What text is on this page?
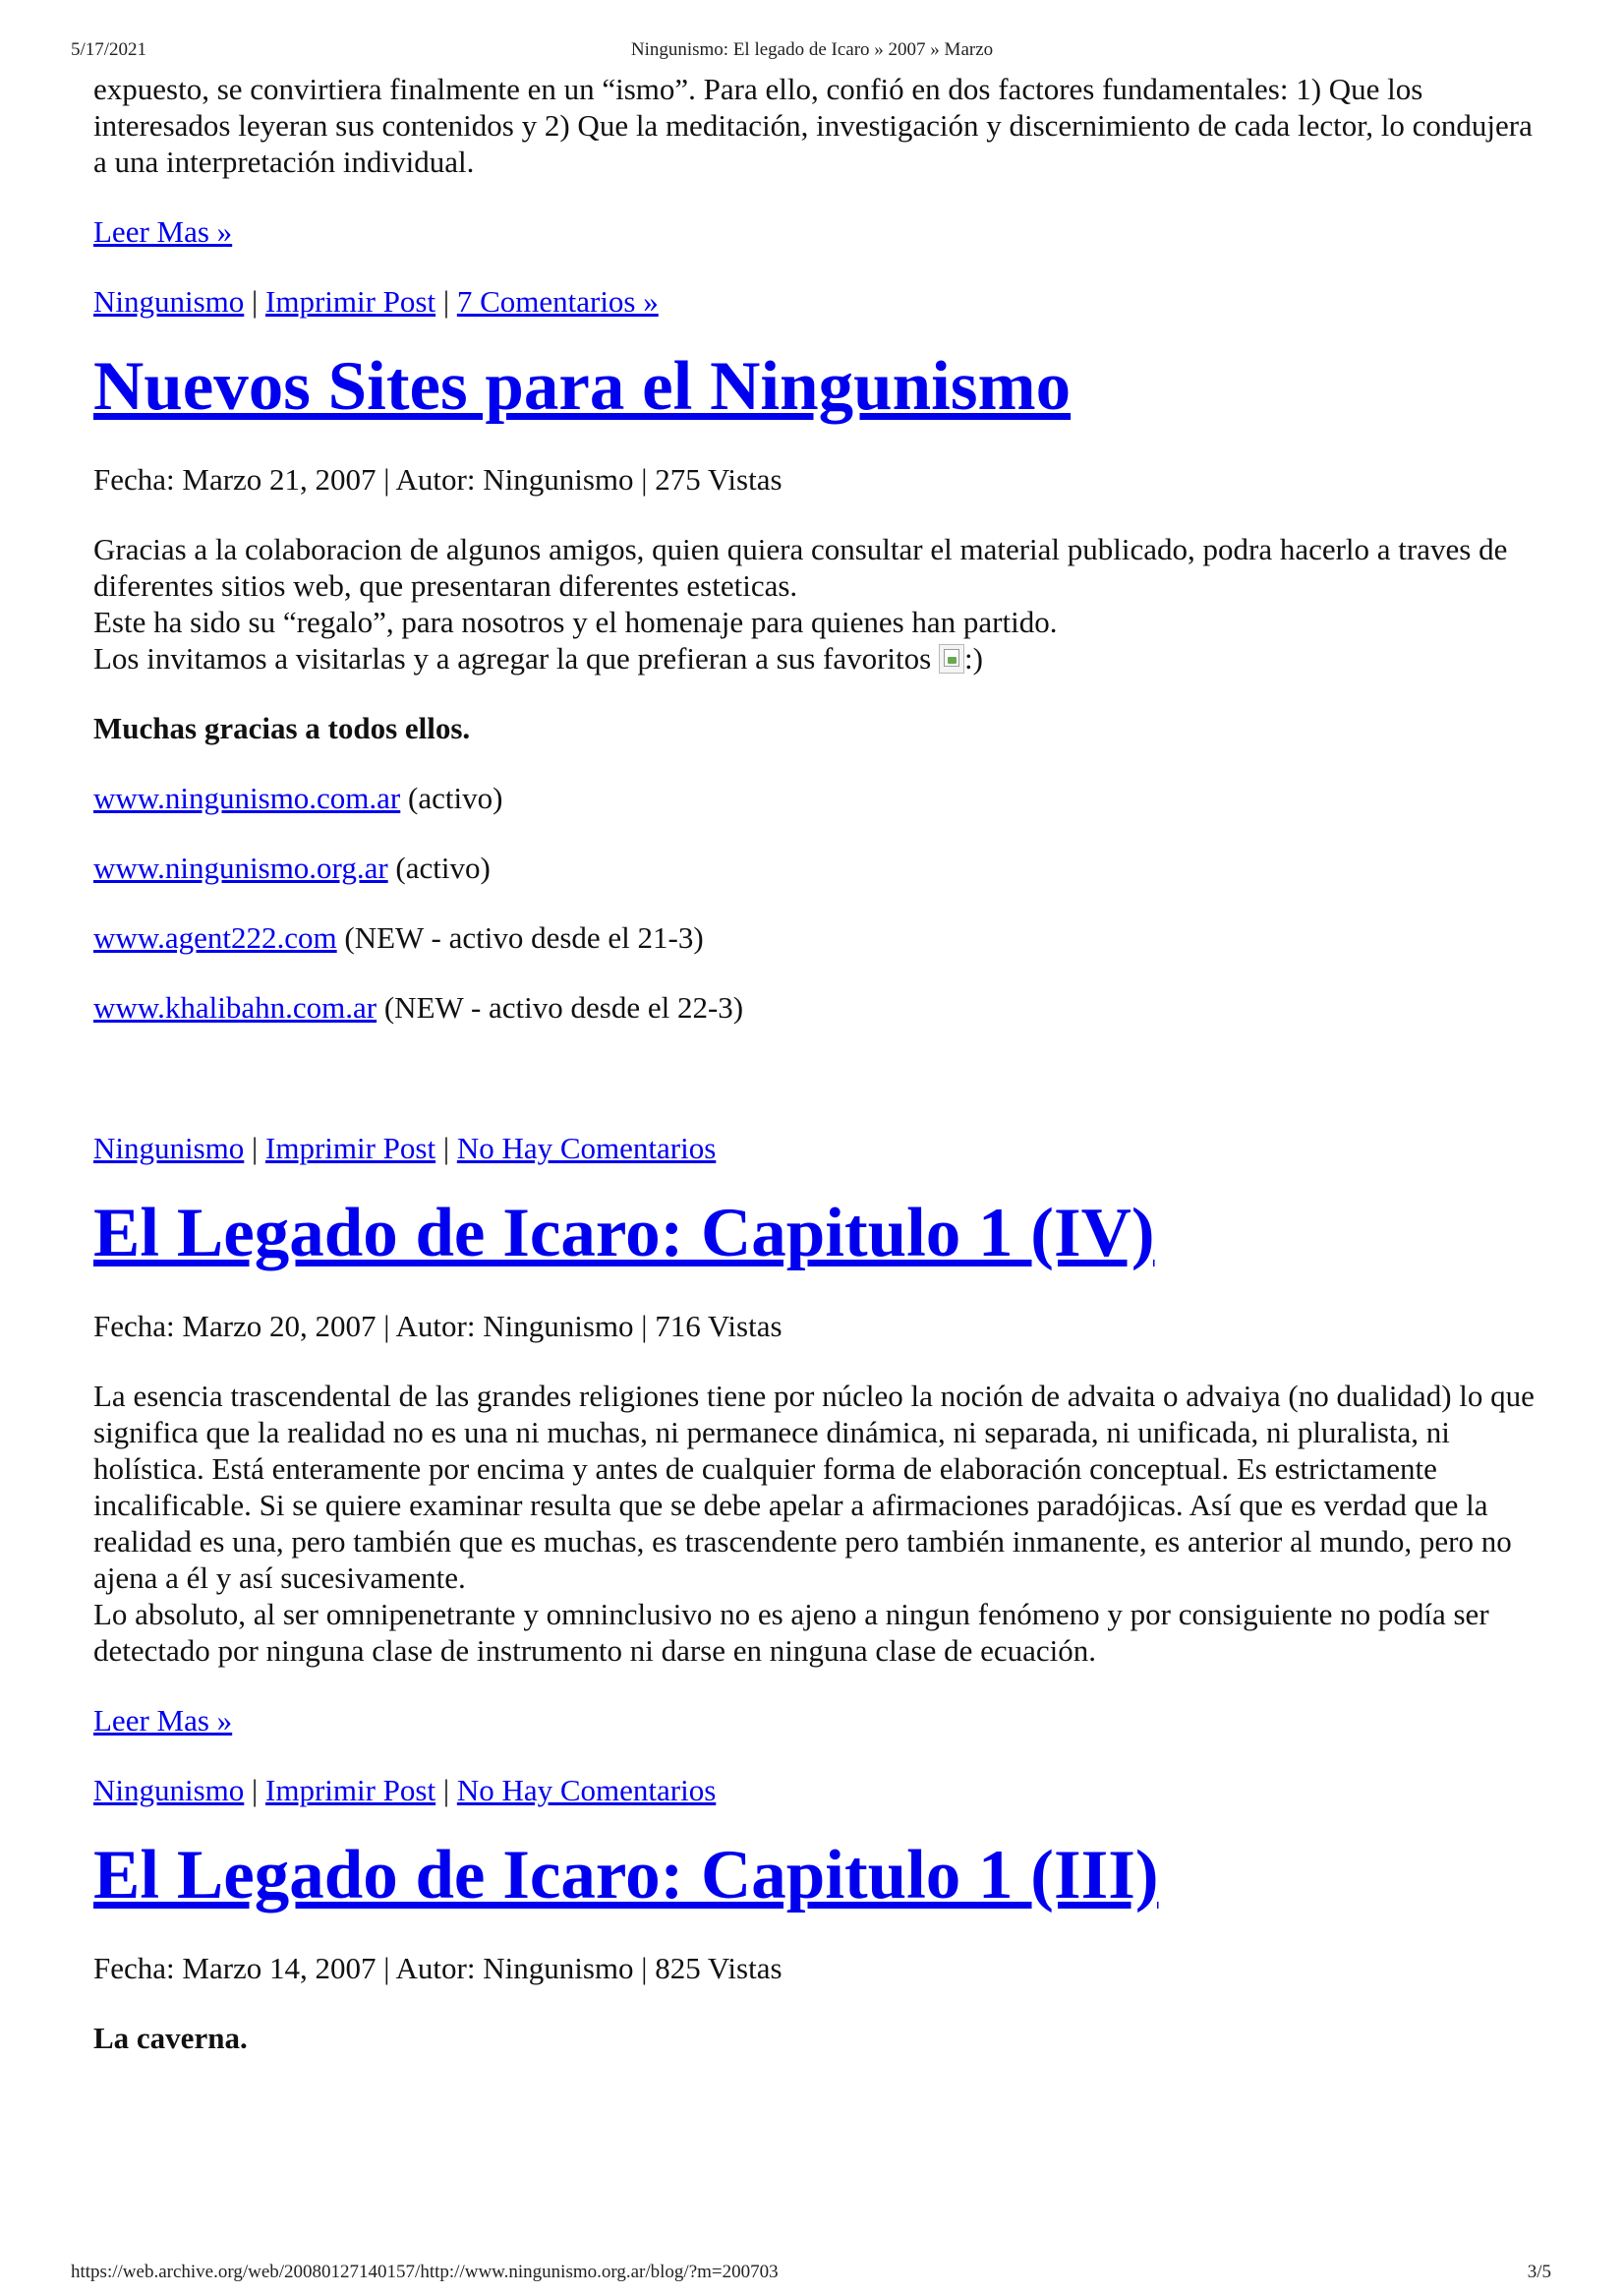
5/17/2021	Ningunismo: El legado de Icaro » 2007 » Marzo

expuesto, se convirtiera finalmente en un “ismo”. Para ello, confió en dos factores fundamentales: 1) Que los interesados leyeran sus contenidos y 2) Que la meditación, investigación y discernimiento de cada lector, lo condujera a una interpretación individual.

Leer Mas »

Ningunismo | Imprimir Post | 7 Comentarios »

Nuevos Sites para el Ningunismo

Fecha: Marzo 21, 2007 | Autor: Ningunismo | 275 Vistas

Gracias a la colaboracion de algunos amigos, quien quiera consultar el material publicado, podra hacerlo a traves de diferentes sitios web, que presentaran diferentes esteticas.
Este ha sido su “regalo”, para nosotros y el homenaje para quienes han partido.
Los invitamos a visitarlas y a agregar la que prefieran a sus favoritos :)

Muchas gracias a todos ellos.

www.ningunismo.com.ar (activo)

www.ningunismo.org.ar (activo)

www.agent222.com (NEW - activo desde el 21-3)

www.khalibahn.com.ar (NEW - activo desde el 22-3)

Ningunismo | Imprimir Post | No Hay Comentarios

El Legado de Icaro: Capitulo 1 (IV)

Fecha: Marzo 20, 2007 | Autor: Ningunismo | 716 Vistas

La esencia trascendental de las grandes religiones tiene por núcleo la noción de advaita o advaiya (no dualidad) lo que significa que la realidad no es una ni muchas, ni permanece dinámica, ni separada, ni unificada, ni pluralista, ni holística. Está enteramente por encima y antes de cualquier forma de elaboración conceptual. Es estrictamente incalificable. Si se quiere examinar resulta que se debe apelar a afirmaciones paradójicas. Así que es verdad que la realidad es una, pero también que es muchas, es trascendente pero también inmanente, es anterior al mundo, pero no ajena a él y así sucesivamente.
Lo absoluto, al ser omnipenetrante y omninclusivo no es ajeno a ningun fenómeno y por consiguiente no podía ser detectado por ninguna clase de instrumento ni darse en ninguna clase de ecuación.

Leer Mas »

Ningunismo | Imprimir Post | No Hay Comentarios

El Legado de Icaro: Capitulo 1 (III)

Fecha: Marzo 14, 2007 | Autor: Ningunismo | 825 Vistas

La caverna.

https://web.archive.org/web/20080127140157/http://www.ningunismo.org.ar/blog/?m=200703	3/5
